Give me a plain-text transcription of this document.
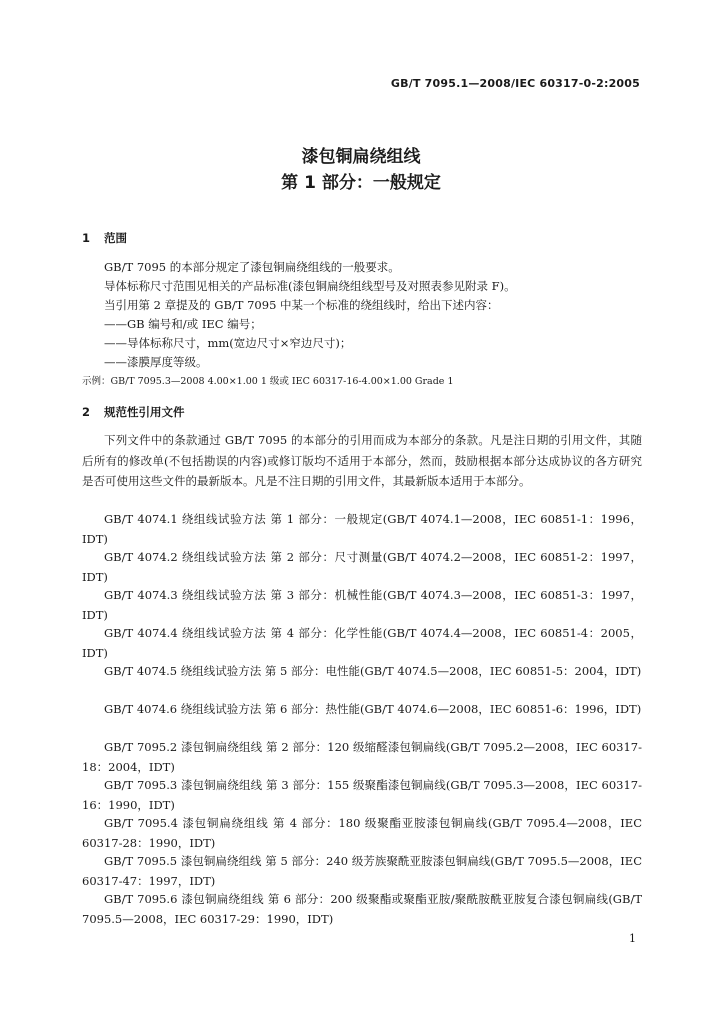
GB/T 7095.1—2008/IEC 60317-0-2:2005
漆包铜扁绕组线
第 1 部分：一般规定
1 范围
GB/T 7095 的本部分规定了漆包铜扁绕组线的一般要求。
导体标称尺寸范围见相关的产品标准(漆包铜扁绕组线型号及对照表参见附录 F)。
当引用第 2 章提及的 GB/T 7095 中某一个标准的绕组线时，给出下述内容：
——GB 编号和/或 IEC 编号；
——导体标称尺寸，mm(宽边尺寸×窄边尺寸)；
——漆膜厚度等级。
示例：GB/T 7095.3—2008 4.00×1.00 1 级或 IEC 60317-16-4.00×1.00 Grade 1
2 规范性引用文件
下列文件中的条款通过 GB/T 7095 的本部分的引用而成为本部分的条款。凡是注日期的引用文件，其随后所有的修改单(不包括勘误的内容)或修订版均不适用于本部分，然而，鼓励根据本部分达成协议的各方研究是否可使用这些文件的最新版本。凡是不注日期的引用文件，其最新版本适用于本部分。
GB/T 4074.1 绕组线试验方法 第 1 部分：一般规定(GB/T 4074.1—2008，IEC 60851-1：1996，IDT)
GB/T 4074.2 绕组线试验方法 第 2 部分：尺寸测量(GB/T 4074.2—2008，IEC 60851-2：1997，IDT)
GB/T 4074.3 绕组线试验方法 第 3 部分：机械性能(GB/T 4074.3—2008，IEC 60851-3：1997，IDT)
GB/T 4074.4 绕组线试验方法 第 4 部分：化学性能(GB/T 4074.4—2008，IEC 60851-4：2005，IDT)
GB/T 4074.5 绕组线试验方法 第 5 部分：电性能(GB/T 4074.5—2008，IEC 60851-5：2004，IDT)
GB/T 4074.6 绕组线试验方法 第 6 部分：热性能(GB/T 4074.6—2008，IEC 60851-6：1996，IDT)
GB/T 7095.2 漆包铜扁绕组线 第 2 部分：120 级缩醛漆包铜扁线(GB/T 7095.2—2008，IEC 60317-18：2004，IDT)
GB/T 7095.3 漆包铜扁绕组线 第 3 部分：155 级聚酯漆包铜扁线(GB/T 7095.3—2008，IEC 60317-16：1990，IDT)
GB/T 7095.4 漆包铜扁绕组线 第 4 部分：180 级聚酯亚胺漆包铜扁线(GB/T 7095.4—2008，IEC 60317-28：1990，IDT)
GB/T 7095.5 漆包铜扁绕组线 第 5 部分：240 级芳族聚酰亚胺漆包铜扁线(GB/T 7095.5—2008，IEC 60317-47：1997，IDT)
GB/T 7095.6 漆包铜扁绕组线 第 6 部分：200 级聚酯或聚酯亚胺/聚酰胺酰亚胺复合漆包铜扁线(GB/T 7095.5—2008，IEC 60317-29：1990，IDT)
1
